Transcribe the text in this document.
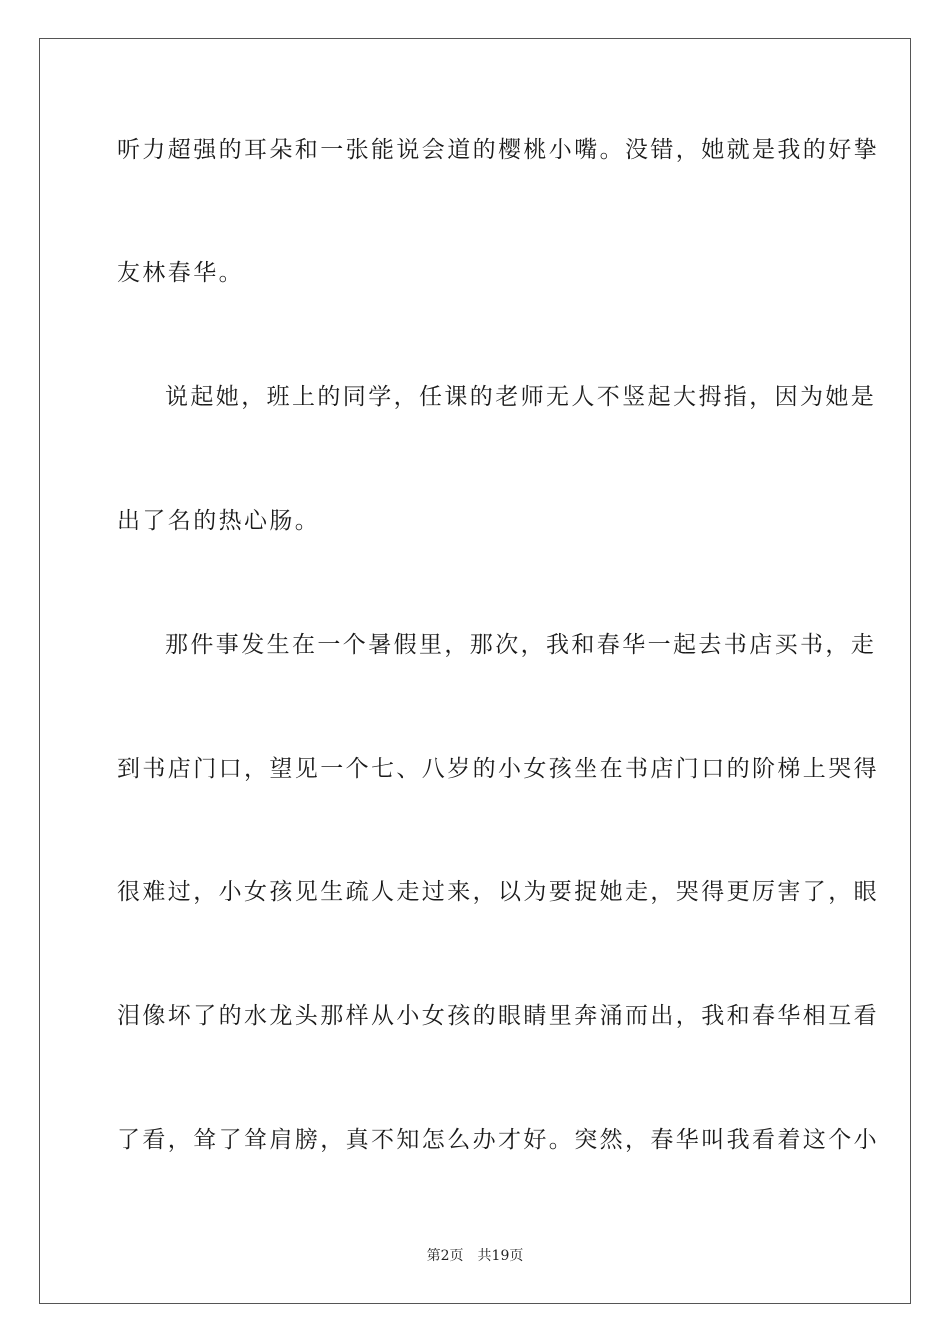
听力超强的耳朵和一张能说会道的樱桃小嘴。没错，她就是我的好挚
友林春华。
说起她，班上的同学，任课的老师无人不竖起大拇指，因为她是
出了名的热心肠。
那件事发生在一个暑假里，那次，我和春华一起去书店买书，走
到书店门口，望见一个七、八岁的小女孩坐在书店门口的阶梯上哭得
很难过，小女孩见生疏人走过来，以为要捉她走，哭得更厉害了，眼
泪像坏了的水龙头那样从小女孩的眼睛里奔涌而出，我和春华相互看
了看，耸了耸肩膀，真不知怎么办才好。突然，春华叫我看着这个小
第2页 共19页
